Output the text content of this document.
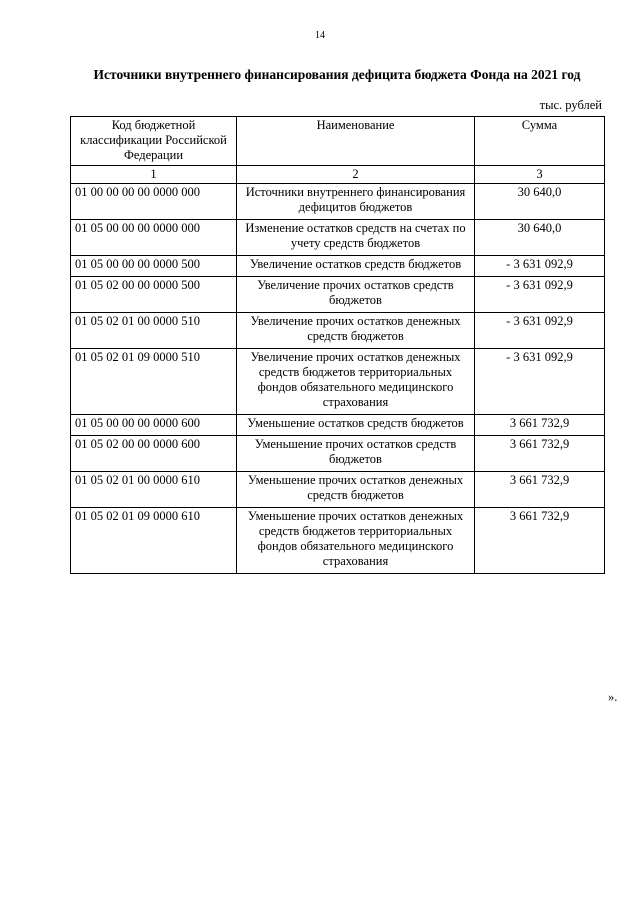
14
Источники внутреннего финансирования дефицита бюджета Фонда на 2021 год
тыс. рублей
Код бюджетной классификации Российской Федерации	Наименование	Сумма
1	2	3
01 00 00 00 00 0000 000	Источники внутреннего финансирования дефицитов бюджетов	30 640,0
01 05 00 00 00 0000 000	Изменение остатков средств на счетах по учету средств бюджетов	30 640,0
01 05 00 00 00 0000 500	Увеличение остатков средств бюджетов	- 3 631 092,9
01 05 02 00 00 0000 500	Увеличение прочих остатков средств бюджетов	- 3 631 092,9
01 05 02 01 00 0000 510	Увеличение прочих остатков денежных средств бюджетов	- 3 631 092,9
01 05 02 01 09 0000 510	Увеличение прочих остатков денежных средств бюджетов территориальных фондов обязательного медицинского страхования	- 3 631 092,9
01 05 00 00 00 0000 600	Уменьшение остатков средств бюджетов	3 661 732,9
01 05 02 00 00 0000 600	Уменьшение прочих остатков средств бюджетов	3 661 732,9
01 05 02 01 00 0000 610	Уменьшение прочих остатков денежных средств бюджетов	3 661 732,9
01 05 02 01 09 0000 610	Уменьшение прочих остатков денежных средств бюджетов территориальных фондов обязательного медицинского страхования	3 661 732,9
».
